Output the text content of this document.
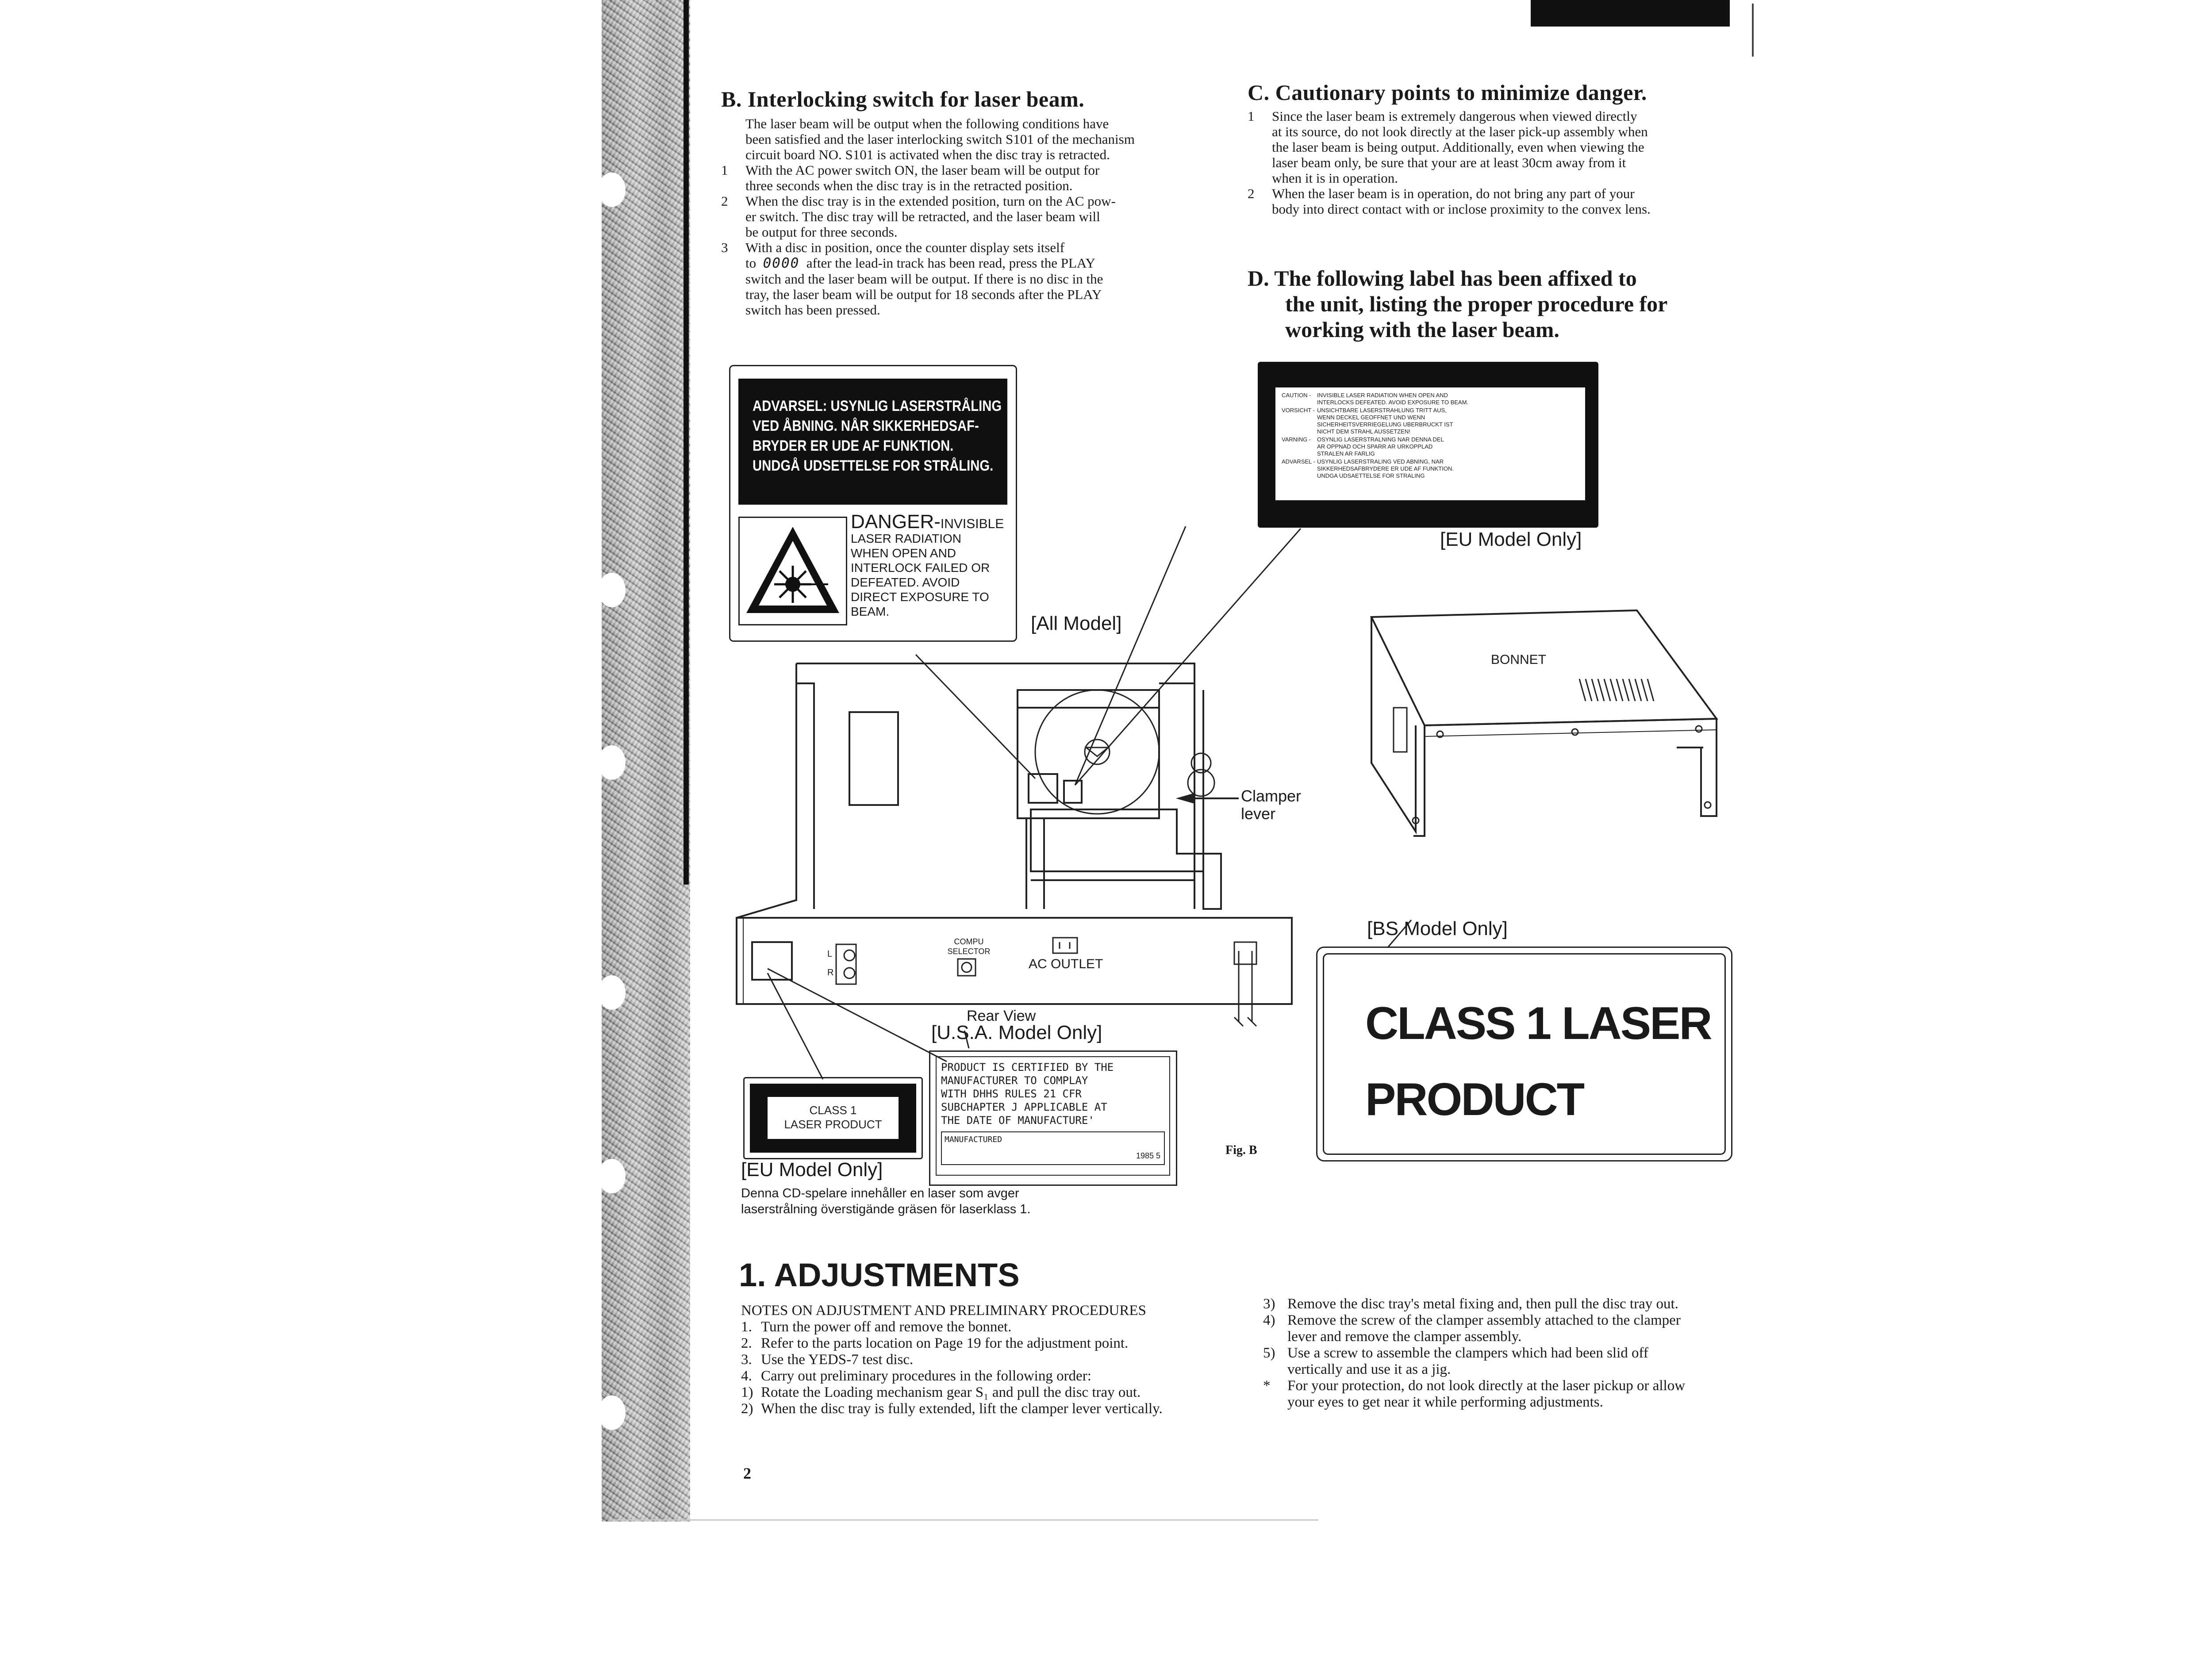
B. Interlocking switch for laser beam.

The laser beam will be output when the following conditions have

been satisfied and the laser interlocking switch S101 of the mechanism

circuit board NO. S101 is activated when the disc tray is retracted.

1	With the AC power switch ON, the laser beam will be output for

three seconds when the disc tray is in the retracted position.

2	When the disc tray is in the extended position, turn on the AC pow-

er switch. The disc tray will be retracted, and the laser beam will

be output for three seconds.

3	With a disc in position, once the counter display sets itself

to 0000 after the lead-in track has been read, press the PLAY

switch and the laser beam will be output. If there is no disc in the

tray, the laser beam will be output for 18 seconds after the PLAY

switch has been pressed.

C. Cautionary points to minimize danger.
1	Since the laser beam is extremely dangerous when viewed directly

at its source, do not look directly at the laser pick-up assembly when

the laser beam is being output. Additionally, even when viewing the

laser beam only, be sure that your are at least 30cm away from it

when it is in operation.

2	When the laser beam is in operation, do not bring any part of your

body into direct contact with or inclose proximity to the convex lens.

D. The following label has been affixed to
the unit, listing the proper procedure for
working with the laser beam.
ADVARSEL: USYNLIG LASERSTRÅLING
VED ÅBNING. NÅR SIKKERHEDSAF-
BRYDER ER UDE AF FUNKTION.
UNDGÅ UDSETTELSE FOR STRÅLING.
DANGER-INVISIBLE
LASER RADIATION
WHEN OPEN AND
INTERLOCK FAILED OR
DEFEATED. AVOID
DIRECT EXPOSURE TO
BEAM.
[All Model]
CAUTION -	INVISIBLE LASER RADIATION WHEN OPEN AND
INTERLOCKS DEFEATED. AVOID EXPOSURE TO BEAM.
VORSICHT - UNSICHTBARE LASERSTRAHLUNG TRITT AUS,
WENN DECKEL GEOFFNET UND WENN
SICHERHEITSVERRIEGELUNG UBERBRUCKT IST
NICHT DEM STRAHL AUSSETZEN!
VARNING -	OSYNLIG LASERSTRALNING NAR DENNA DEL
AR OPPNAD OCH SPARR AR URKOPPLAD
STRALEN AR FARLIG
ADVARSEL - USYNLIG LASERSTRALING VED ABNING, NAR
SIKKERHEDSAFBRYDERE ER UDE AF FUNKTION.
UNDGA UDSAETTELSE FOR STRALING
[EU Model Only]
BONNET
Clamper
lever
COMPU
SELECTOR
AC OUTLET
L
R
Rear View
[U.S.A. Model Only]
PRODUCT IS CERTIFIED BY THE
MANUFACTURER TO COMPLAY
WITH DHHS RULES 21 CFR
SUBCHAPTER J APPLICABLE AT
THE DATE OF MANUFACTURE'
MANUFACTURED
1985 5
CLASS 1
LASER PRODUCT
[EU Model Only]
Denna CD-spelare innehåller en laser som avger
laserstrålning överstigände gräsen för laserklass 1.
[BS Model Only]
CLASS 1 LASER
PRODUCT
Fig. B
1. ADJUSTMENTS

NOTES ON ADJUSTMENT AND PRELIMINARY PROCEDURES

1. Turn the power off and remove the bonnet.
2. Refer to the parts location on Page 19 for the adjustment point.
3. Use the YEDS-7 test disc.
4. Carry out preliminary procedures in the following order:
1) Rotate the Loading mechanism gear S₁ and pull the disc tray out.
2) When the disc tray is fully extended, lift the clamper lever vertically.
3) Remove the disc tray's metal fixing and, then pull the disc tray out.

4) Remove the screw of the clamper assembly attached to the clamper

lever and remove the clamper assembly.

5) Use a screw to assemble the clampers which had been slid off

vertically and use it as a jig.

*	For your protection, do not look directly at the laser pickup or allow

your eyes to get near it while performing adjustments.

2
